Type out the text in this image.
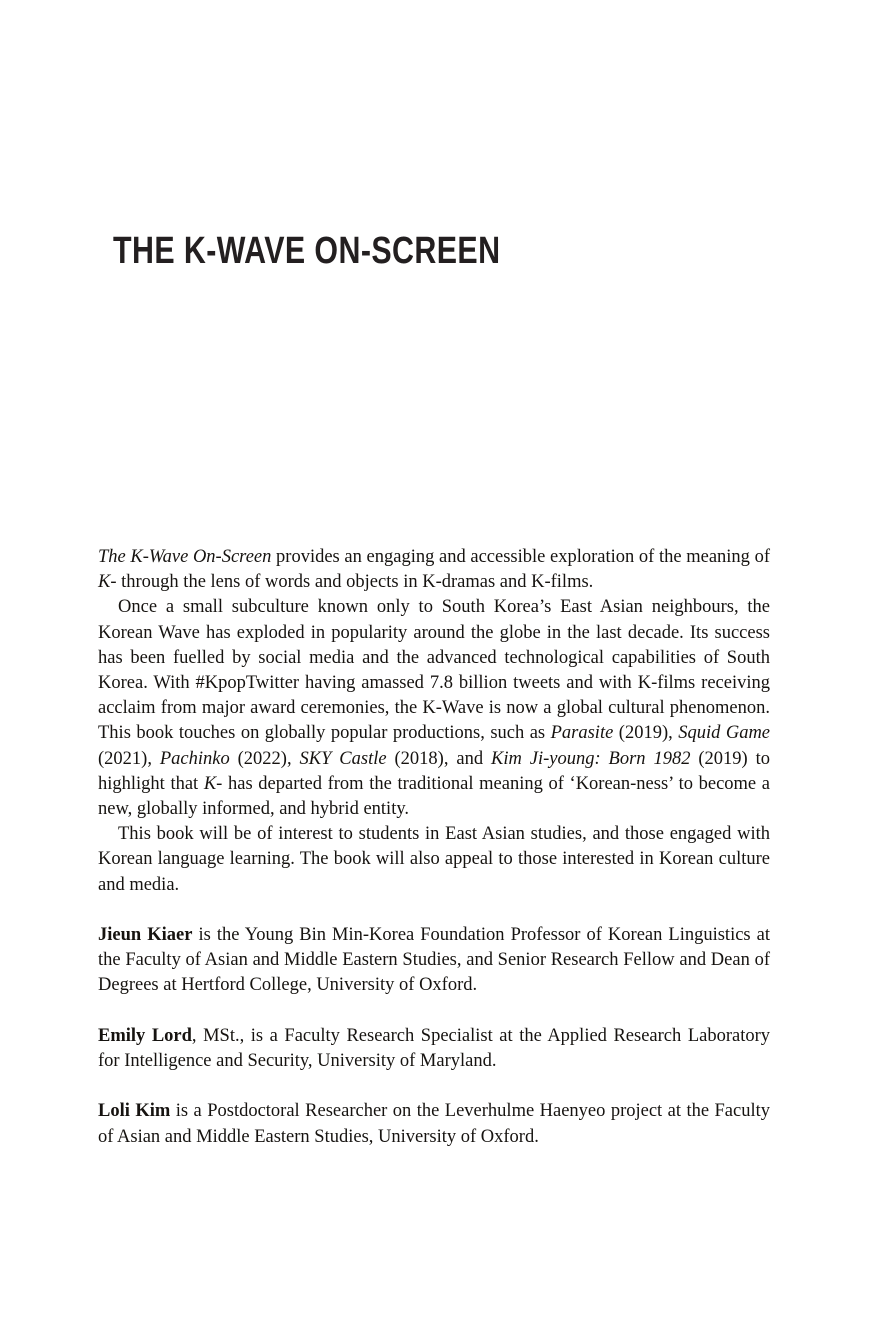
THE K-WAVE ON-SCREEN

The K-Wave On-Screen provides an engaging and accessible exploration of the meaning of K- through the lens of words and objects in K-dramas and K-films.

Once a small subculture known only to South Korea’s East Asian neighbours, the Korean Wave has exploded in popularity around the globe in the last decade. Its success has been fuelled by social media and the advanced technological capabilities of South Korea. With #KpopTwitter having amassed 7.8 billion tweets and with K-films receiving acclaim from major award ceremonies, the K-Wave is now a global cultural phenomenon. This book touches on globally popular productions, such as Parasite (2019), Squid Game (2021), Pachinko (2022), SKY Castle (2018), and Kim Ji-young: Born 1982 (2019) to highlight that K- has departed from the traditional meaning of ‘Korean-ness’ to become a new, globally informed, and hybrid entity.

This book will be of interest to students in East Asian studies, and those engaged with Korean language learning. The book will also appeal to those interested in Korean culture and media.

Jieun Kiaer is the Young Bin Min-Korea Foundation Professor of Korean Linguistics at the Faculty of Asian and Middle Eastern Studies, and Senior Research Fellow and Dean of Degrees at Hertford College, University of Oxford.

Emily Lord, MSt., is a Faculty Research Specialist at the Applied Research Laboratory for Intelligence and Security, University of Maryland.

Loli Kim is a Postdoctoral Researcher on the Leverhulme Haenyeo project at the Faculty of Asian and Middle Eastern Studies, University of Oxford.
